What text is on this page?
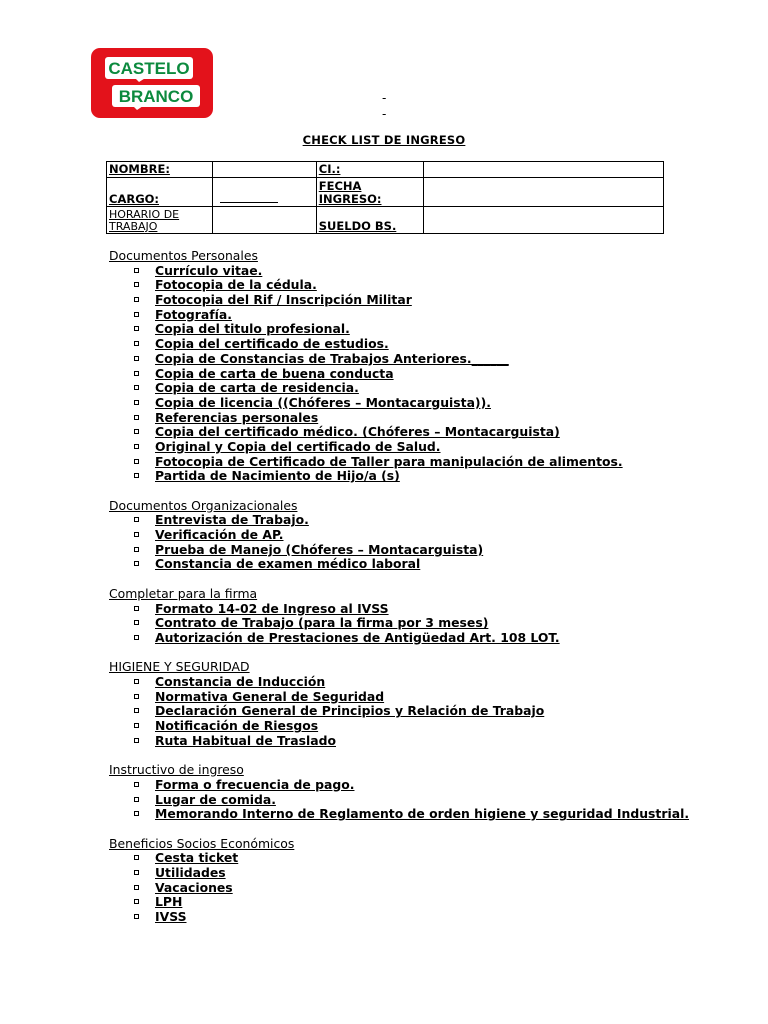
CASTELO
BRANCO	-
-
CHECK LIST DE INGRESO
NOMBRE:		CI.:	
CARGO:		FECHA
INGRESO:	
HORARIO DE
TRABAJO		SUELDO BS.	
Documentos Personales
Currículo vitae.
Fotocopia de la cédula.
Fotocopia del Rif / Inscripción Militar
Fotografía.
Copia del titulo profesional.
Copia del certificado de estudios.
Copia de Constancias de Trabajos Anteriores.______
Copia de carta de buena conducta
Copia de carta de residencia.
Copia de licencia ((Chóferes – Montacarguista)).
Referencias personales
Copia del certificado médico. (Chóferes – Montacarguista)
Original y Copia del certificado de Salud.
Fotocopia de Certificado de Taller para manipulación de alimentos.
Partida de Nacimiento de Hijo/a (s)
Documentos Organizacionales
Entrevista de Trabajo.
Verificación de AP.
Prueba de Manejo (Chóferes – Montacarguista)
Constancia de examen médico laboral
Completar para la firma
Formato 14-02 de Ingreso al IVSS
Contrato de Trabajo (para la firma por 3 meses)
Autorización de Prestaciones de Antigüedad Art. 108 LOT.
HIGIENE Y SEGURIDAD
Constancia de Inducción
Normativa General de Seguridad
Declaración General de Principios y Relación de Trabajo
Notificación de Riesgos
Ruta Habitual de Traslado
Instructivo de ingreso
Forma o frecuencia de pago.
Lugar de comida.
Memorando Interno de Reglamento de orden higiene y seguridad Industrial.
Beneficios Socios Económicos
Cesta ticket
Utilidades
Vacaciones
LPH
IVSS
